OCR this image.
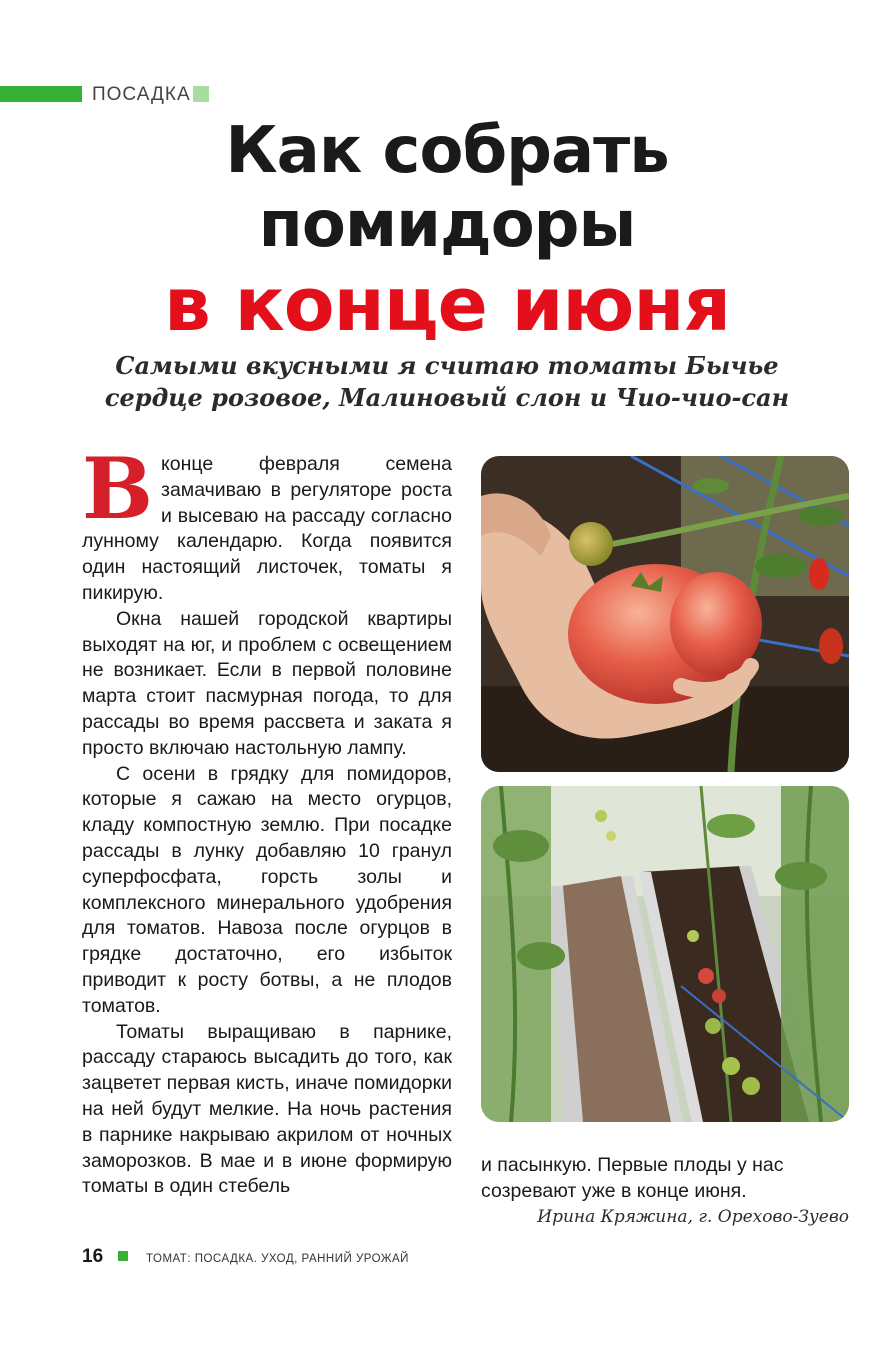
ПОСАДКА
Как собрать
помидоры
в конце июня
Самыми вкусными я считаю томаты Бычье
сердце розовое, Малиновый слон и Чио-чио-сан

В конце февраля семена замачиваю в регуляторе роста и высеваю на рассаду согласно лунному календарю. Когда появится один настоящий листочек, томаты я пикирую.

Окна нашей городской квартиры выходят на юг, и проблем с освещением не возникает. Если в первой половине марта стоит пасмурная погода, то для рассады во время рассвета и заката я просто включаю настольную лампу.

С осени в грядку для помидоров, которые я сажаю на место огурцов, кладу компостную землю. При посадке рассады в лунку добавляю 10 гранул суперфосфата, горсть золы и комплексного минерального удобрения для томатов. Навоза после огурцов в грядке достаточно, его избыток приводит к росту ботвы, а не плодов томатов.

Томаты выращиваю в парнике, рассаду стараюсь высадить до того, как зацветет первая кисть, иначе помидорки на ней будут мелкие. На ночь растения в парнике накрываю акрилом от ночных заморозков. В мае и в июне формирую томаты в один стебель

и пасынкую. Первые плоды у нас созревают уже в конце июня.

Ирина Кряжина, г. Орехово-Зуево
16	ТОМАТ: ПОСАДКА. УХОД, РАННИЙ УРОЖАЙ
